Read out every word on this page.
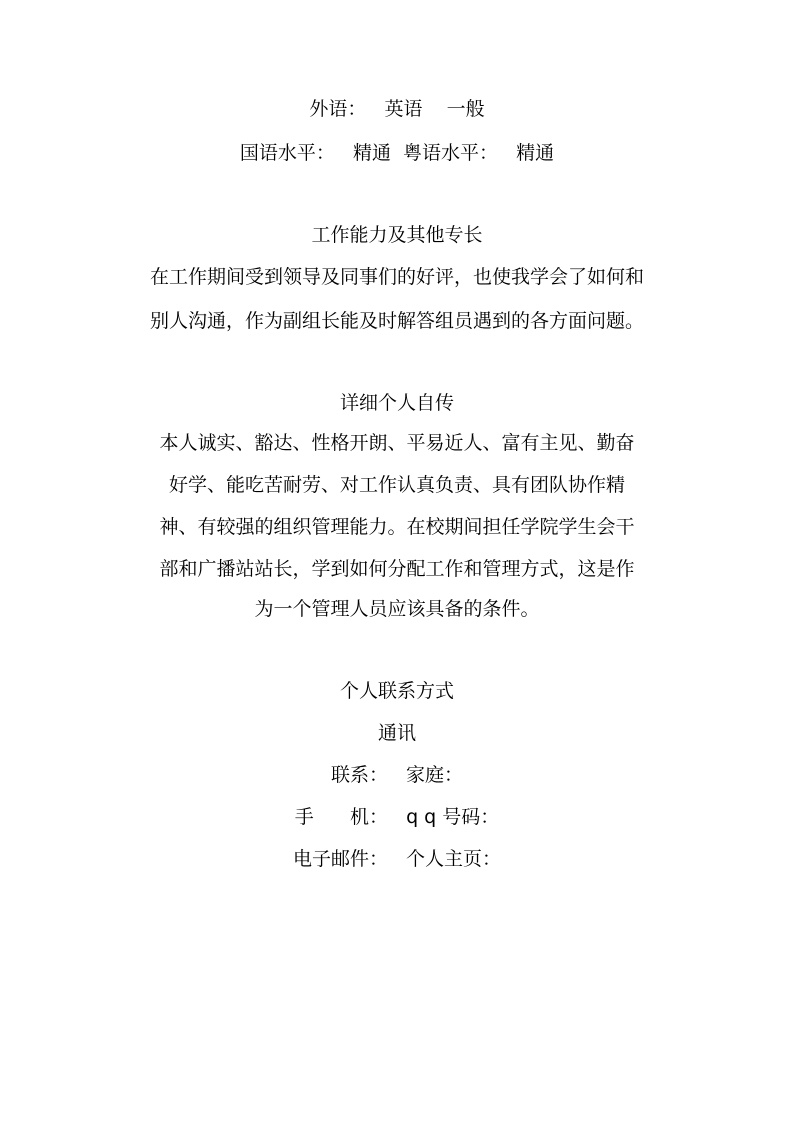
外语：   英语    一般
国语水平：   精通  粤语水平：   精通
工作能力及其他专长
在工作期间受到领导及同事们的好评，也使我学会了如何和
别人沟通，作为副组长能及时解答组员遇到的各方面问题。
详细个人自传
本人诚实、豁达、性格开朗、平易近人、富有主见、勤奋
好学、能吃苦耐劳、对工作认真负责、具有团队协作精
神、有较强的组织管理能力。在校期间担任学院学生会干
部和广播站站长，学到如何分配工作和管理方式，这是作
为一个管理人员应该具备的条件。
个人联系方式
通讯
联系：   家庭：
手      机：   q q 号码：
电子邮件：   个人主页：
